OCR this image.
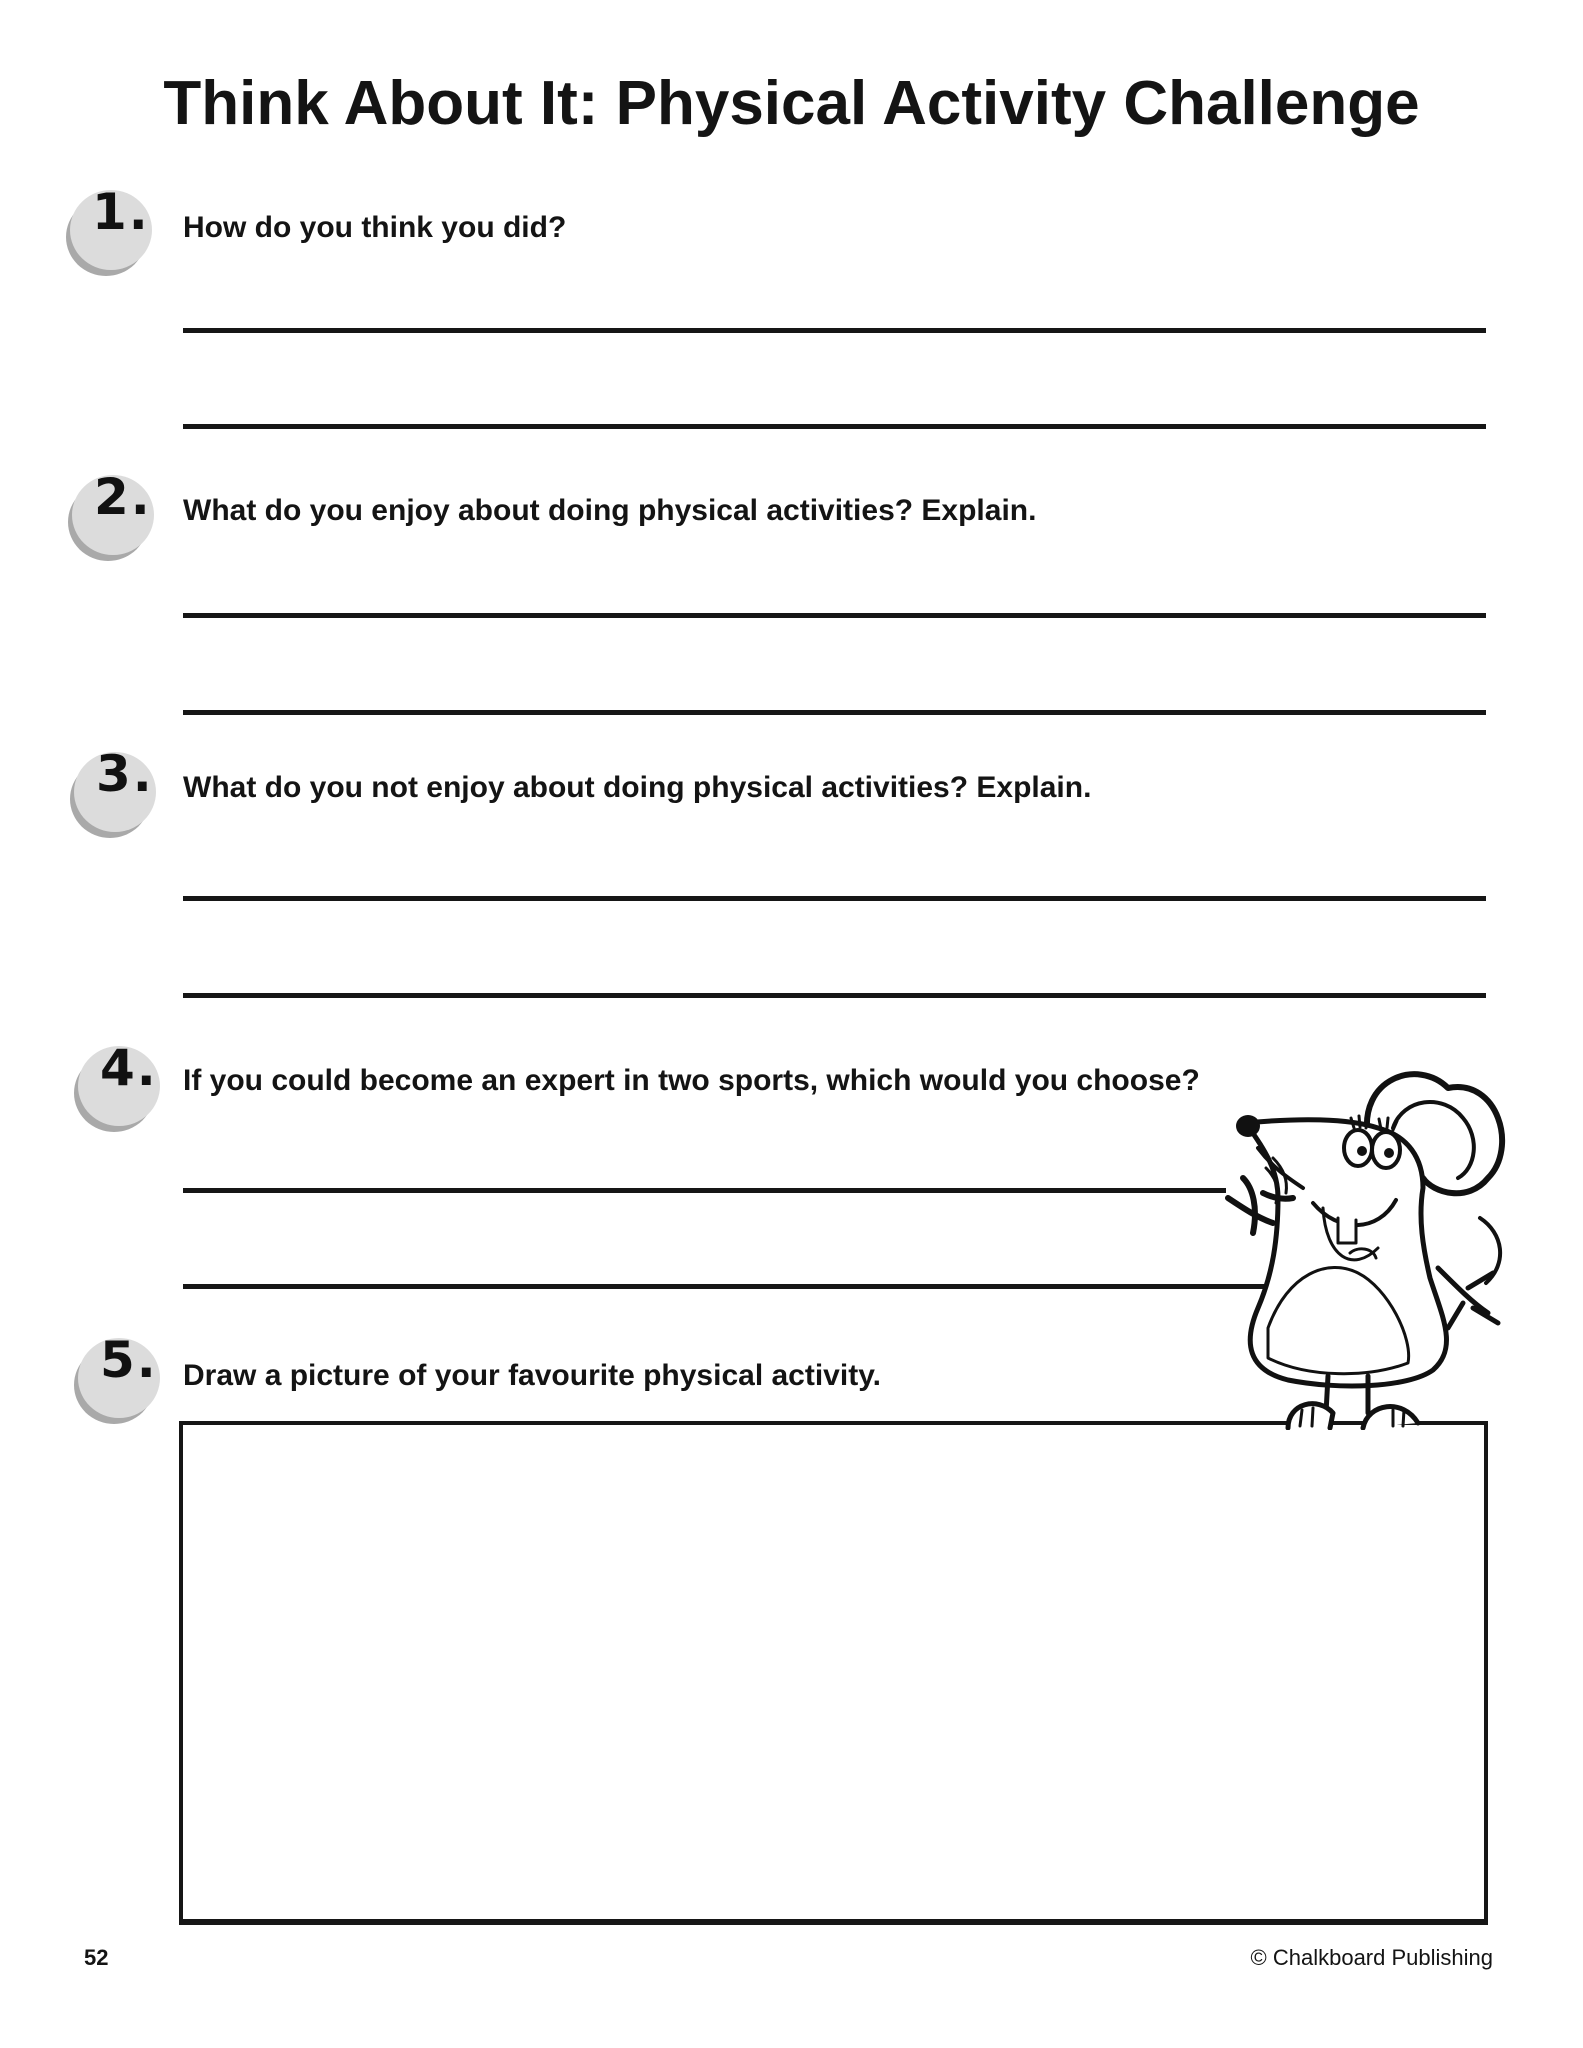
Think About It: Physical Activity Challenge
1. How do you think you did?
2. What do you enjoy about doing physical activities? Explain.
3. What do you not enjoy about doing physical activities? Explain.
4. If you could become an expert in two sports, which would you choose?
5. Draw a picture of your favourite physical activity.
52	© Chalkboard Publishing
